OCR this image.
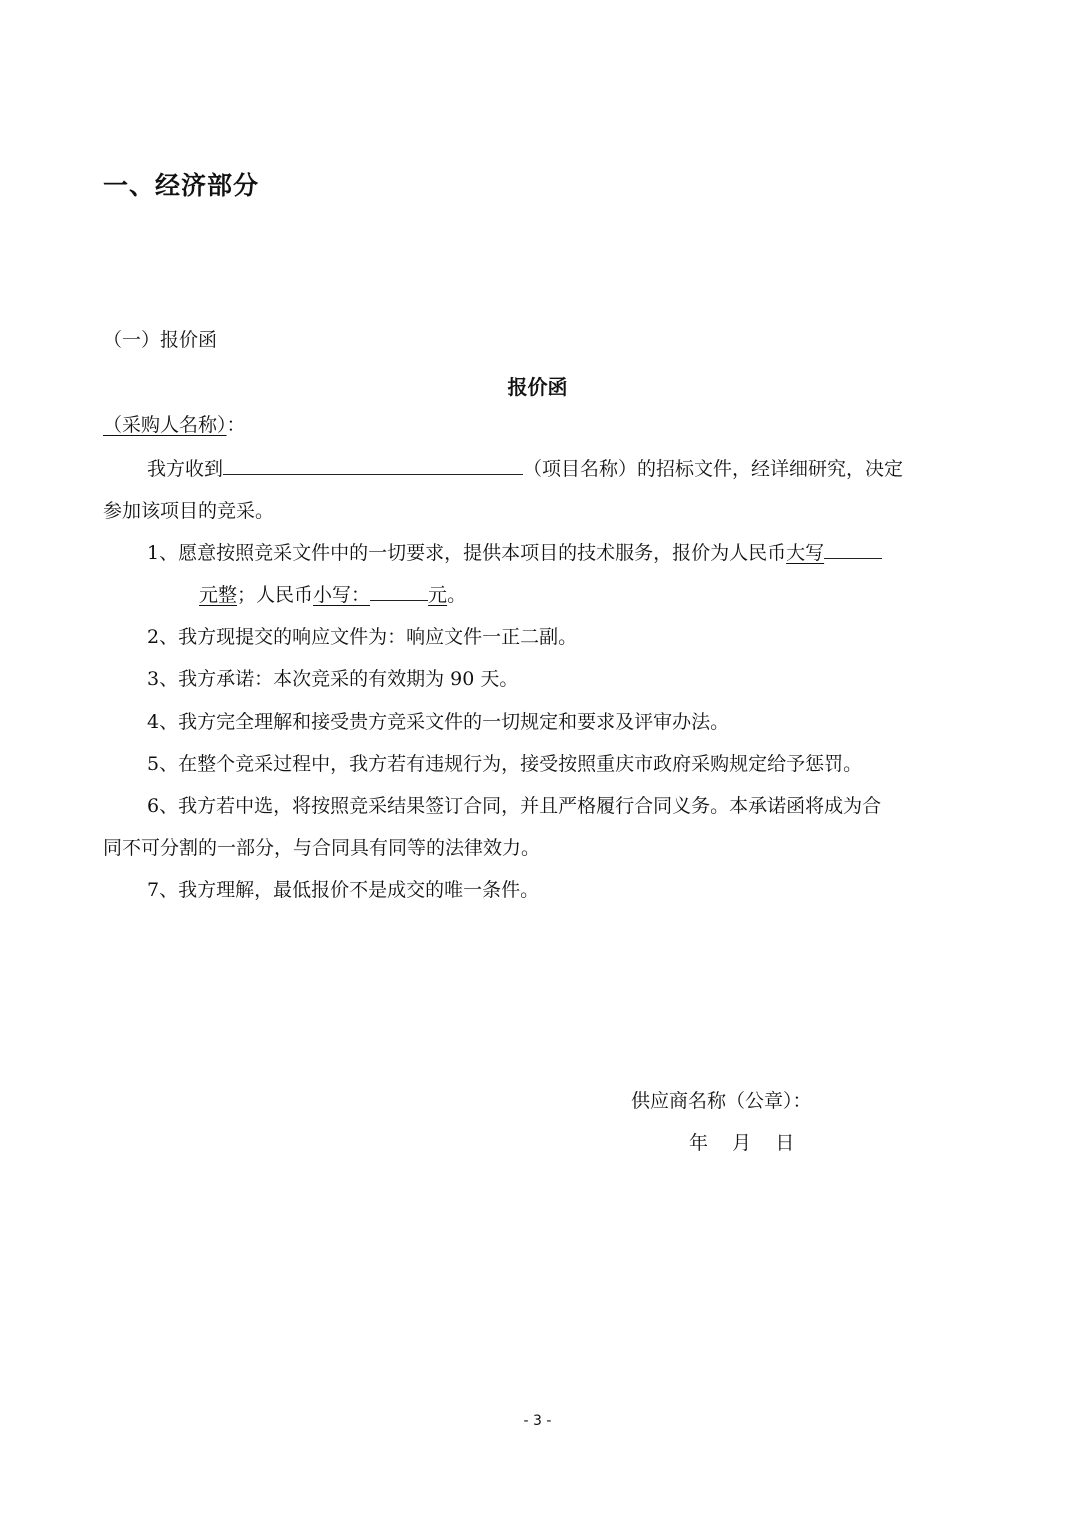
一、经济部分
（一）报价函
报价函
（采购人名称）：
我方收到	（项目名称）的招标文件，经详细研究，决定
参加该项目的竞采。
1、愿意按照竞采文件中的一切要求，提供本项目的技术服务，报价为人民币大写
元整；人民币小写：	元。
2、我方现提交的响应文件为：响应文件一正二副。
3、我方承诺：本次竞采的有效期为 90 天。
4、我方完全理解和接受贵方竞采文件的一切规定和要求及评审办法。
5、在整个竞采过程中，我方若有违规行为，接受按照重庆市政府采购规定给予惩罚。
6、我方若中选，将按照竞采结果签订合同，并且严格履行合同义务。本承诺函将成为合
同不可分割的一部分，与合同具有同等的法律效力。
7、我方理解，最低报价不是成交的唯一条件。
供应商名称（公章）：
年    月    日
- 3 -
